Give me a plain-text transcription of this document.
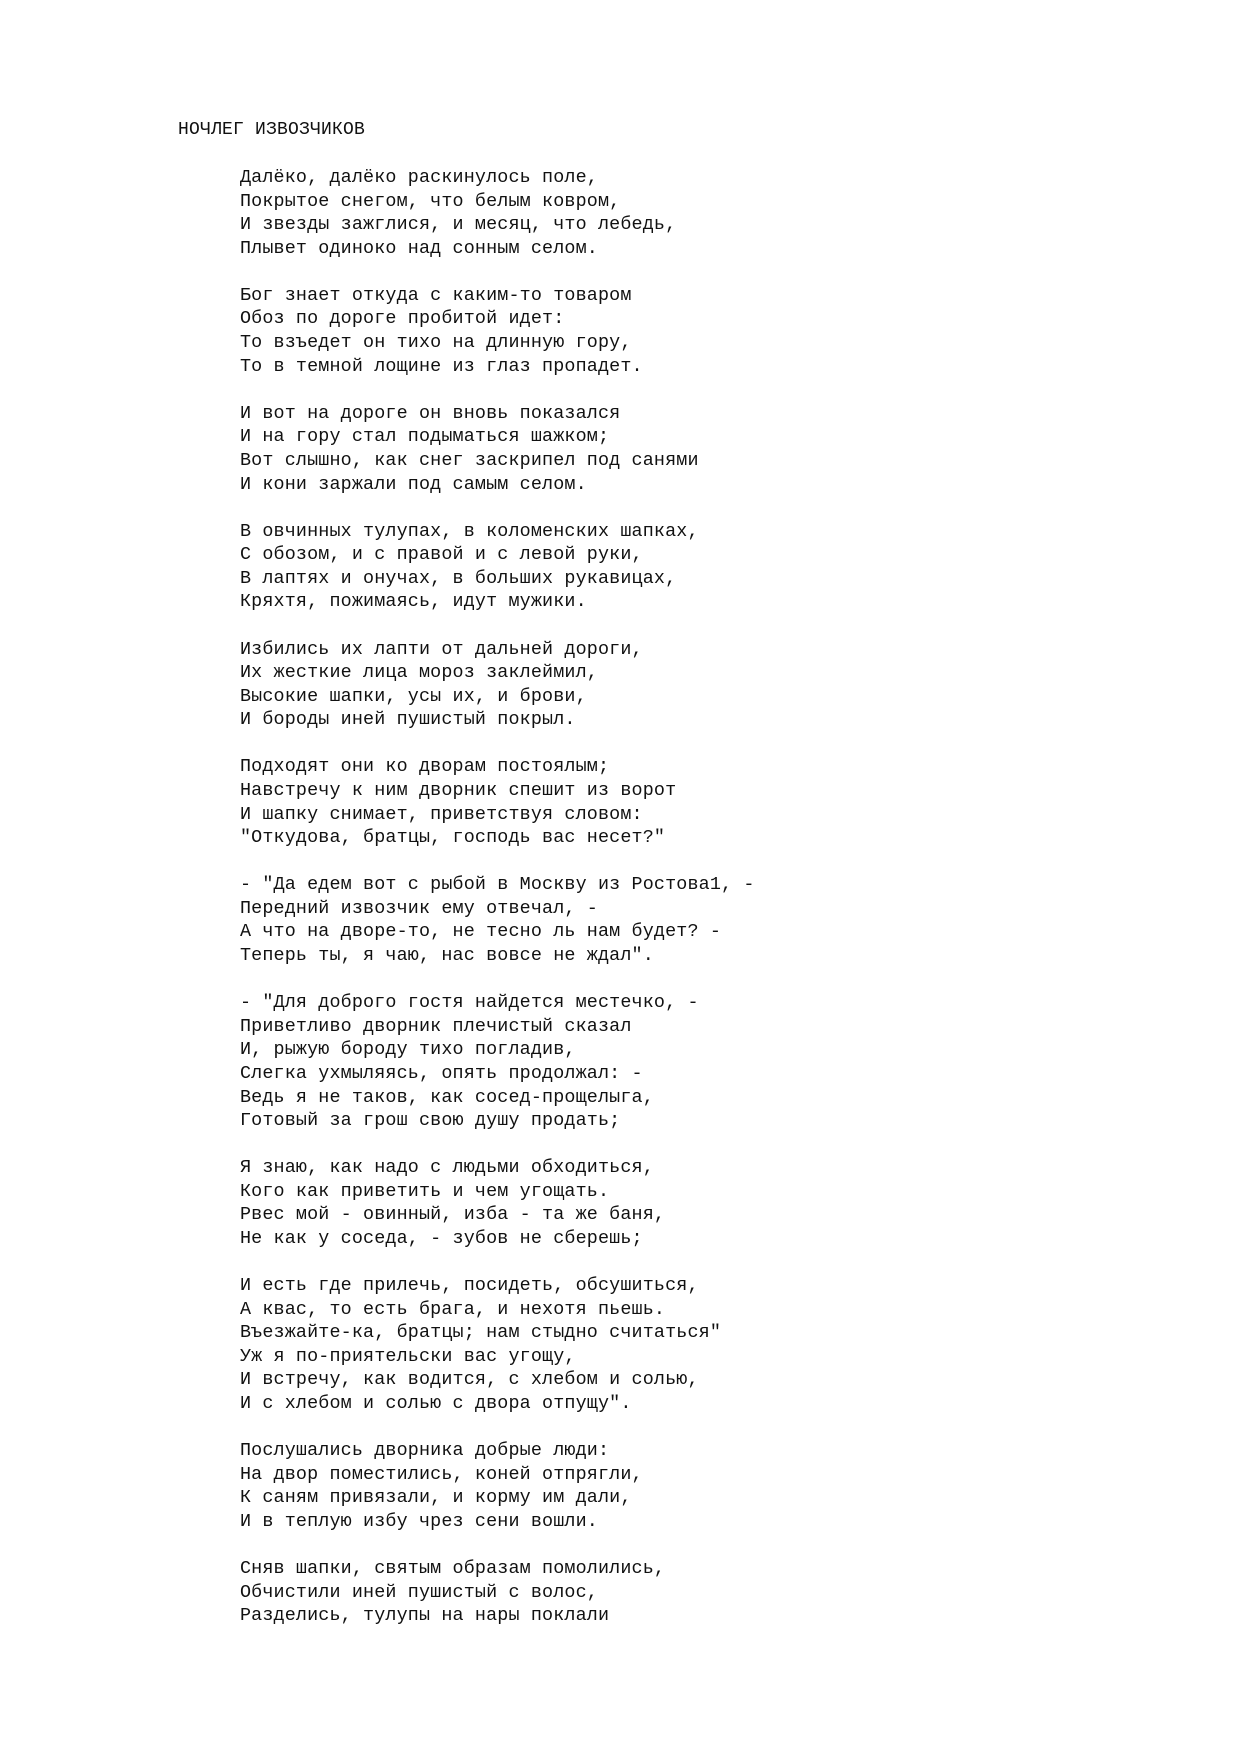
НОЧЛЕГ ИЗВОЗЧИКОВ
Далёко, далёко раскинулось поле,
Покрытое снегом, что белым ковром,
И звезды зажглися, и месяц, что лебедь,
Плывет одиноко над сонным селом.
Бог знает откуда с каким-то товаром
Обоз по дороге пробитой идет:
То взъедет он тихо на длинную гору,
То в темной лощине из глаз пропадет.
И вот на дороге он вновь показался
И на гору стал подыматься шажком;
Вот слышно, как снег заскрипел под санями
И кони заржали под самым селом.
В овчинных тулупах, в коломенских шапках,
С обозом, и с правой и с левой руки,
В лаптях и онучах, в больших рукавицах,
Кряхтя, пожимаясь, идут мужики.
Избились их лапти от дальней дороги,
Их жесткие лица мороз заклеймил,
Высокие шапки, усы их, и брови,
И бороды иней пушистый покрыл.
Подходят они ко дворам постоялым;
Навстречу к ним дворник спешит из ворот
И шапку снимает, приветствуя словом:
"Откудова, братцы, господь вас несет?"
- "Да едем вот с рыбой в Москву из Ростова1, -
Передний извозчик ему отвечал, -
А что на дворе-то, не тесно ль нам будет? -
Теперь ты, я чаю, нас вовсе не ждал".
- "Для доброго гостя найдется местечко, -
Приветливо дворник плечистый сказал
И, рыжую бороду тихо погладив,
Слегка ухмыляясь, опять продолжал: -
Ведь я не таков, как сосед-прощелыга,
Готовый за грош свою душу продать;
Я знаю, как надо с людьми обходиться,
Кого как приветить и чем угощать.
Рвес мой - овинный, изба - та же баня,
Не как у соседа, - зубов не сберешь;
И есть где прилечь, посидеть, обсушиться,
А квас, то есть брага, и нехотя пьешь.
Въезжайте-ка, братцы; нам стыдно считаться"
Уж я по-приятельски вас угощу,
И встречу, как водится, с хлебом и солью,
И с хлебом и солью с двора отпущу".
Послушались дворника добрые люди:
На двор поместились, коней отпрягли,
К саням привязали, и корму им дали,
И в теплую избу чрез сени вошли.
Сняв шапки, святым образам помолились,
Обчистили иней пушистый с волос,
Разделись, тулупы на нары поклали
